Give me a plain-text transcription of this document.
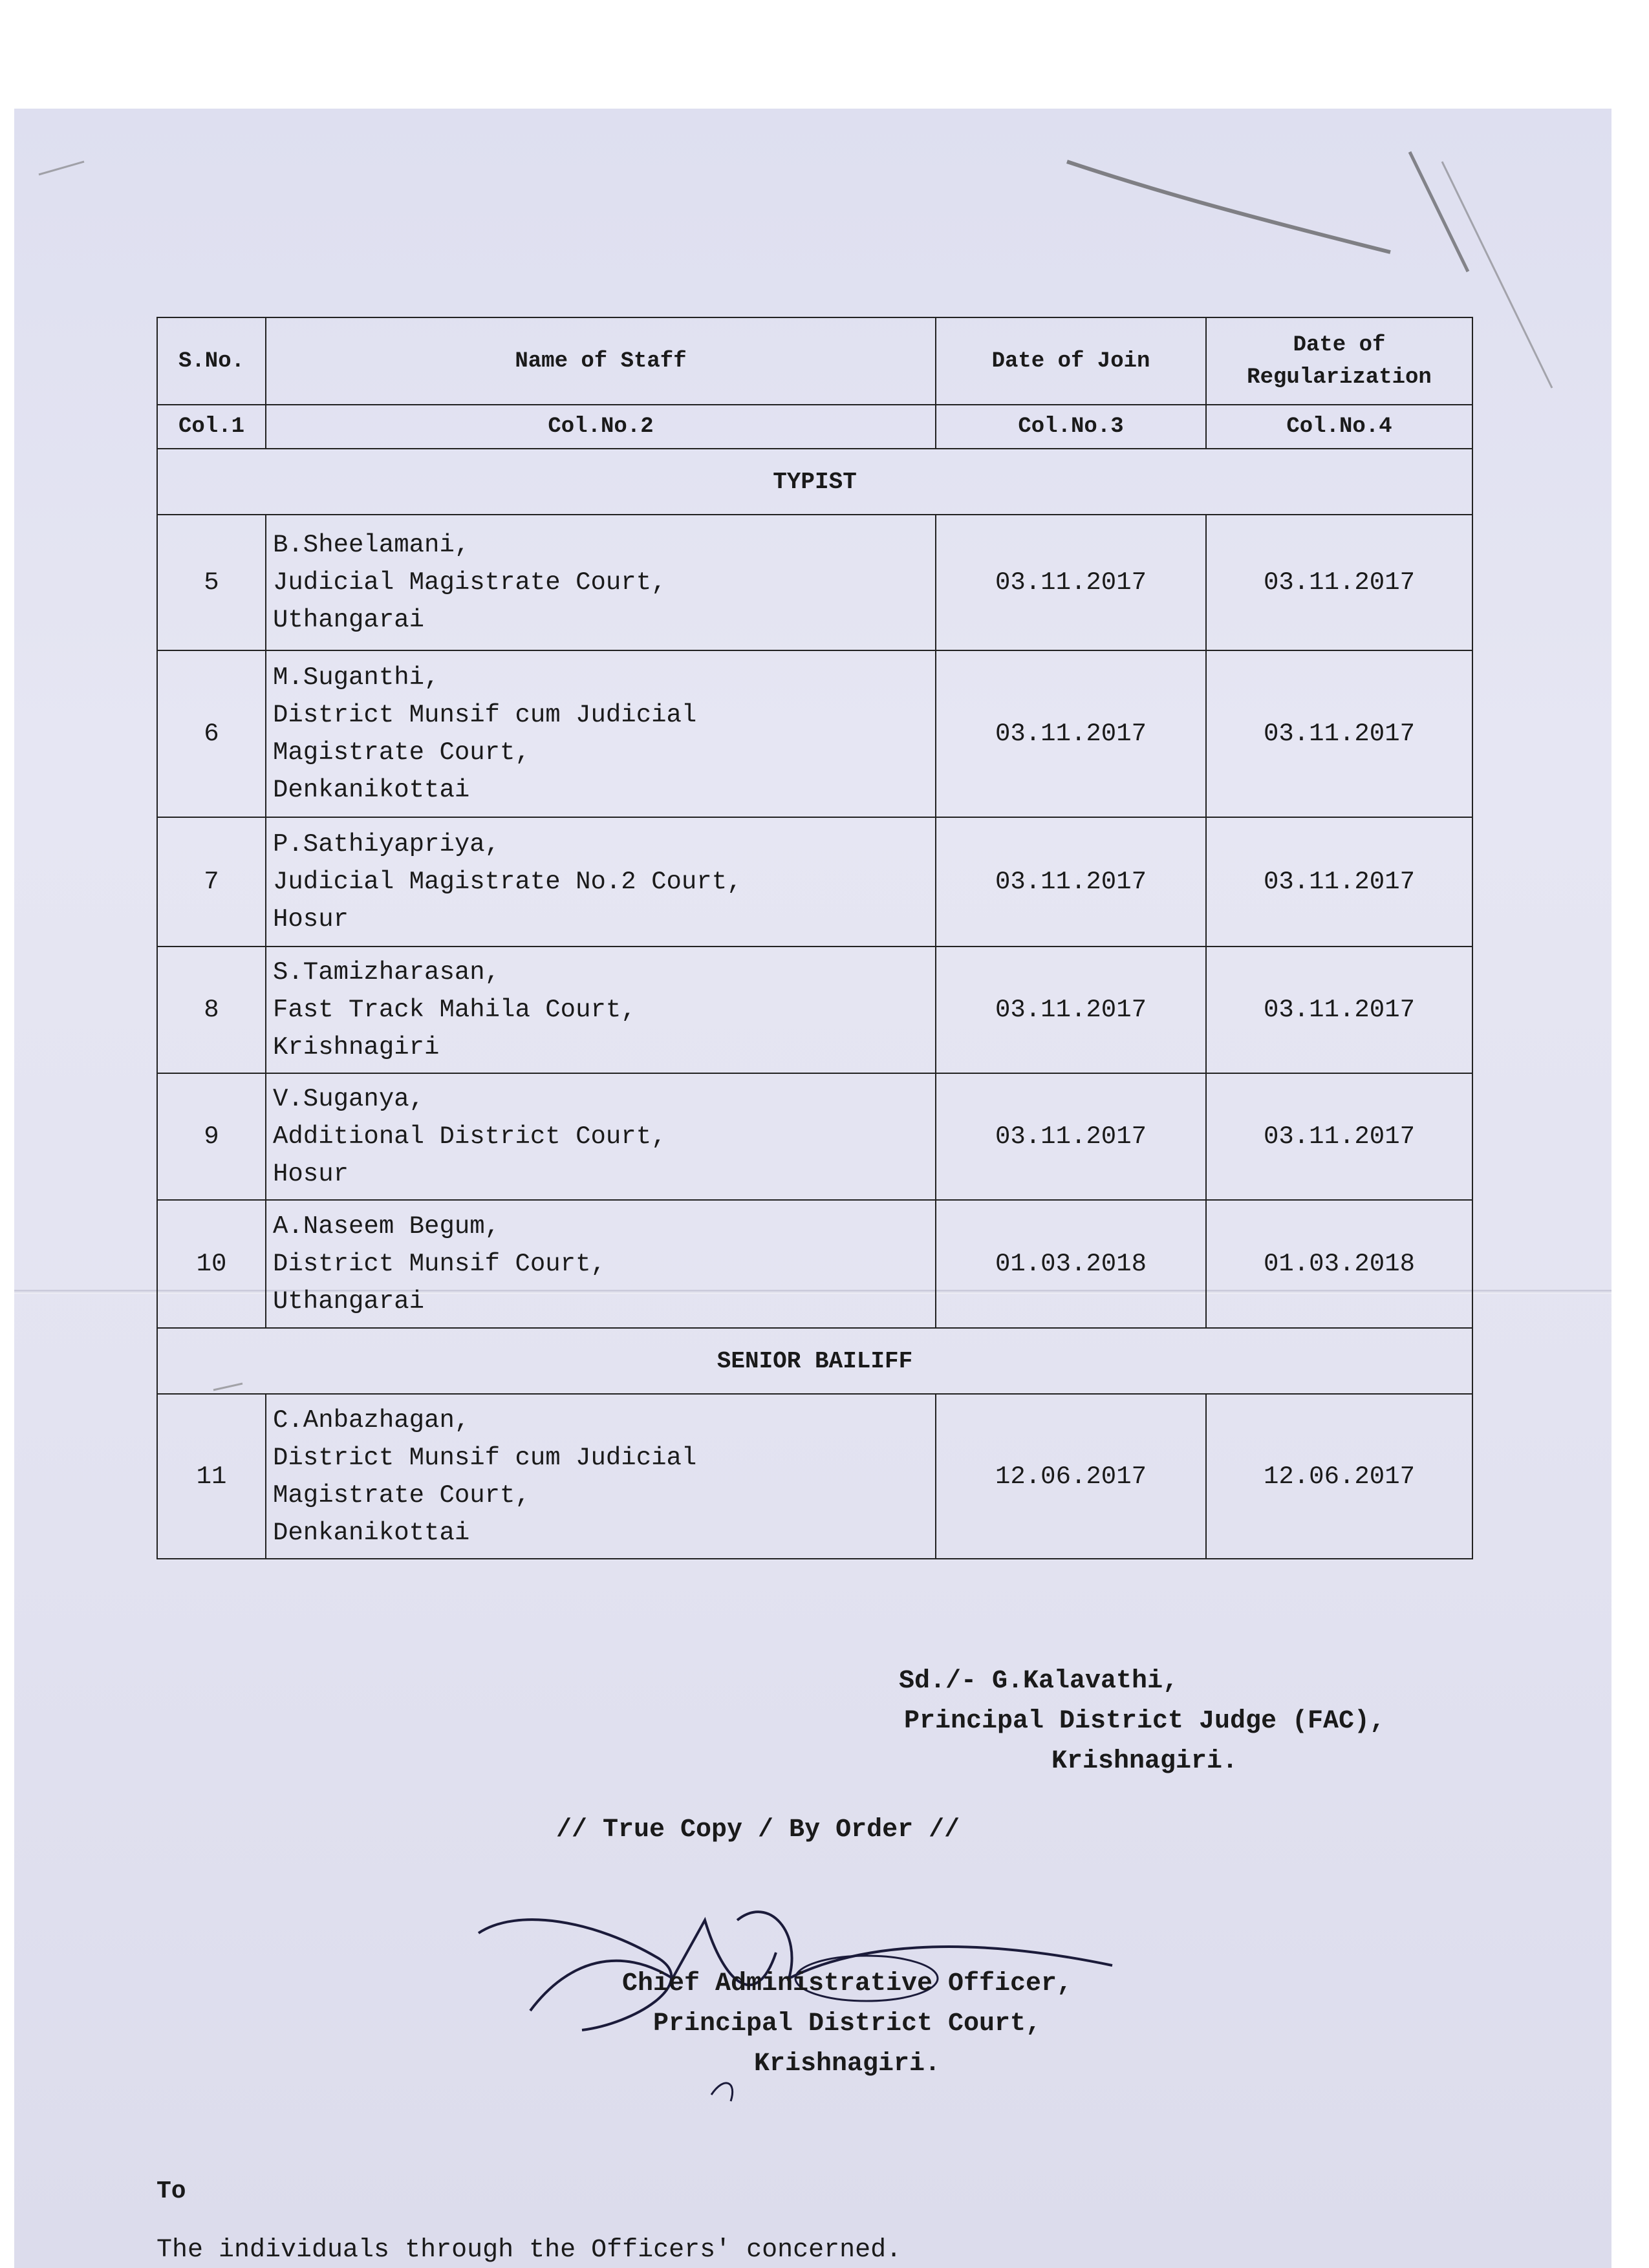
S.No.	Name of Staff	Date of Join	Date of Regularization
Col.1	Col.No.2	Col.No.3	Col.No.4
TYPIST			
5	B.Sheelamani,
Judicial Magistrate Court,
Uthangarai	03.11.2017	03.11.2017
6	M.Suganthi,
District Munsif cum Judicial
Magistrate Court,
Denkanikottai	03.11.2017	03.11.2017
7	P.Sathiyapriya,
Judicial Magistrate No.2 Court,
Hosur	03.11.2017	03.11.2017
8	S.Tamizharasan,
Fast Track Mahila Court,
Krishnagiri	03.11.2017	03.11.2017
9	V.Suganya,
Additional District Court,
Hosur	03.11.2017	03.11.2017
10	A.Naseem Begum,
District Munsif Court,
Uthangarai	01.03.2018	01.03.2018
SENIOR BAILIFF			
11	C.Anbazhagan,
District Munsif cum Judicial
Magistrate Court,
Denkanikottai	12.06.2017	12.06.2017
Sd./- G.Kalavathi,
Principal District Judge (FAC),
Krishnagiri.
// True Copy / By Order //
Chief Administrative Officer,
Principal District Court,
Krishnagiri.
To
The individuals through the Officers' concerned.
